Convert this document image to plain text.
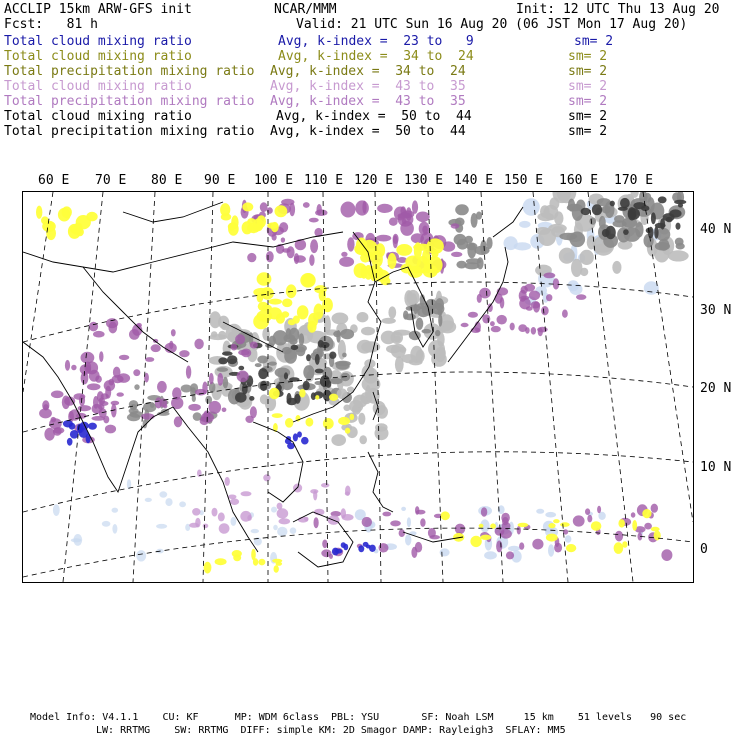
ACCLIP 15km ARW-GFS init	NCAR/MMM	Init: 12 UTC Thu 13 Aug 20
Fcst:   81 h	Valid: 21 UTC Sun 16 Aug 20 (06 JST Mon 17 Aug 20)
Total cloud mixing ratio	Avg, k-index =  23 to   9	sm= 2
Total cloud mixing ratio	Avg, k-index =  34 to  24	sm= 2
Total precipitation mixing ratio Avg, k-index =  34 to  24	sm= 2
Total cloud mixing ratio	Avg, k-index =  43 to  35	sm= 2
Total precipitation mixing ratio Avg, k-index =  43 to  35	sm= 2
Total cloud mixing ratio	Avg, k-index =  50 to  44	sm= 2
Total precipitation mixing ratio Avg, k-index =  50 to  44	sm= 2
60 E 70 E 80 E 90 E 100 E 110 E 120 E 130 E 140 E 150 E 160 E 170 E
40 N
30 N
20 N
10 N
0
Model Info: V4.1.1    CU: KF      MP: WDM 6class  PBL: YSU       SF: Noah LSM     15 km    51 levels   90 sec
LW: RRTMG    SW: RRTMG  DIFF: simple KM: 2D Smagor DAMP: Rayleigh3  SFLAY: MM5
